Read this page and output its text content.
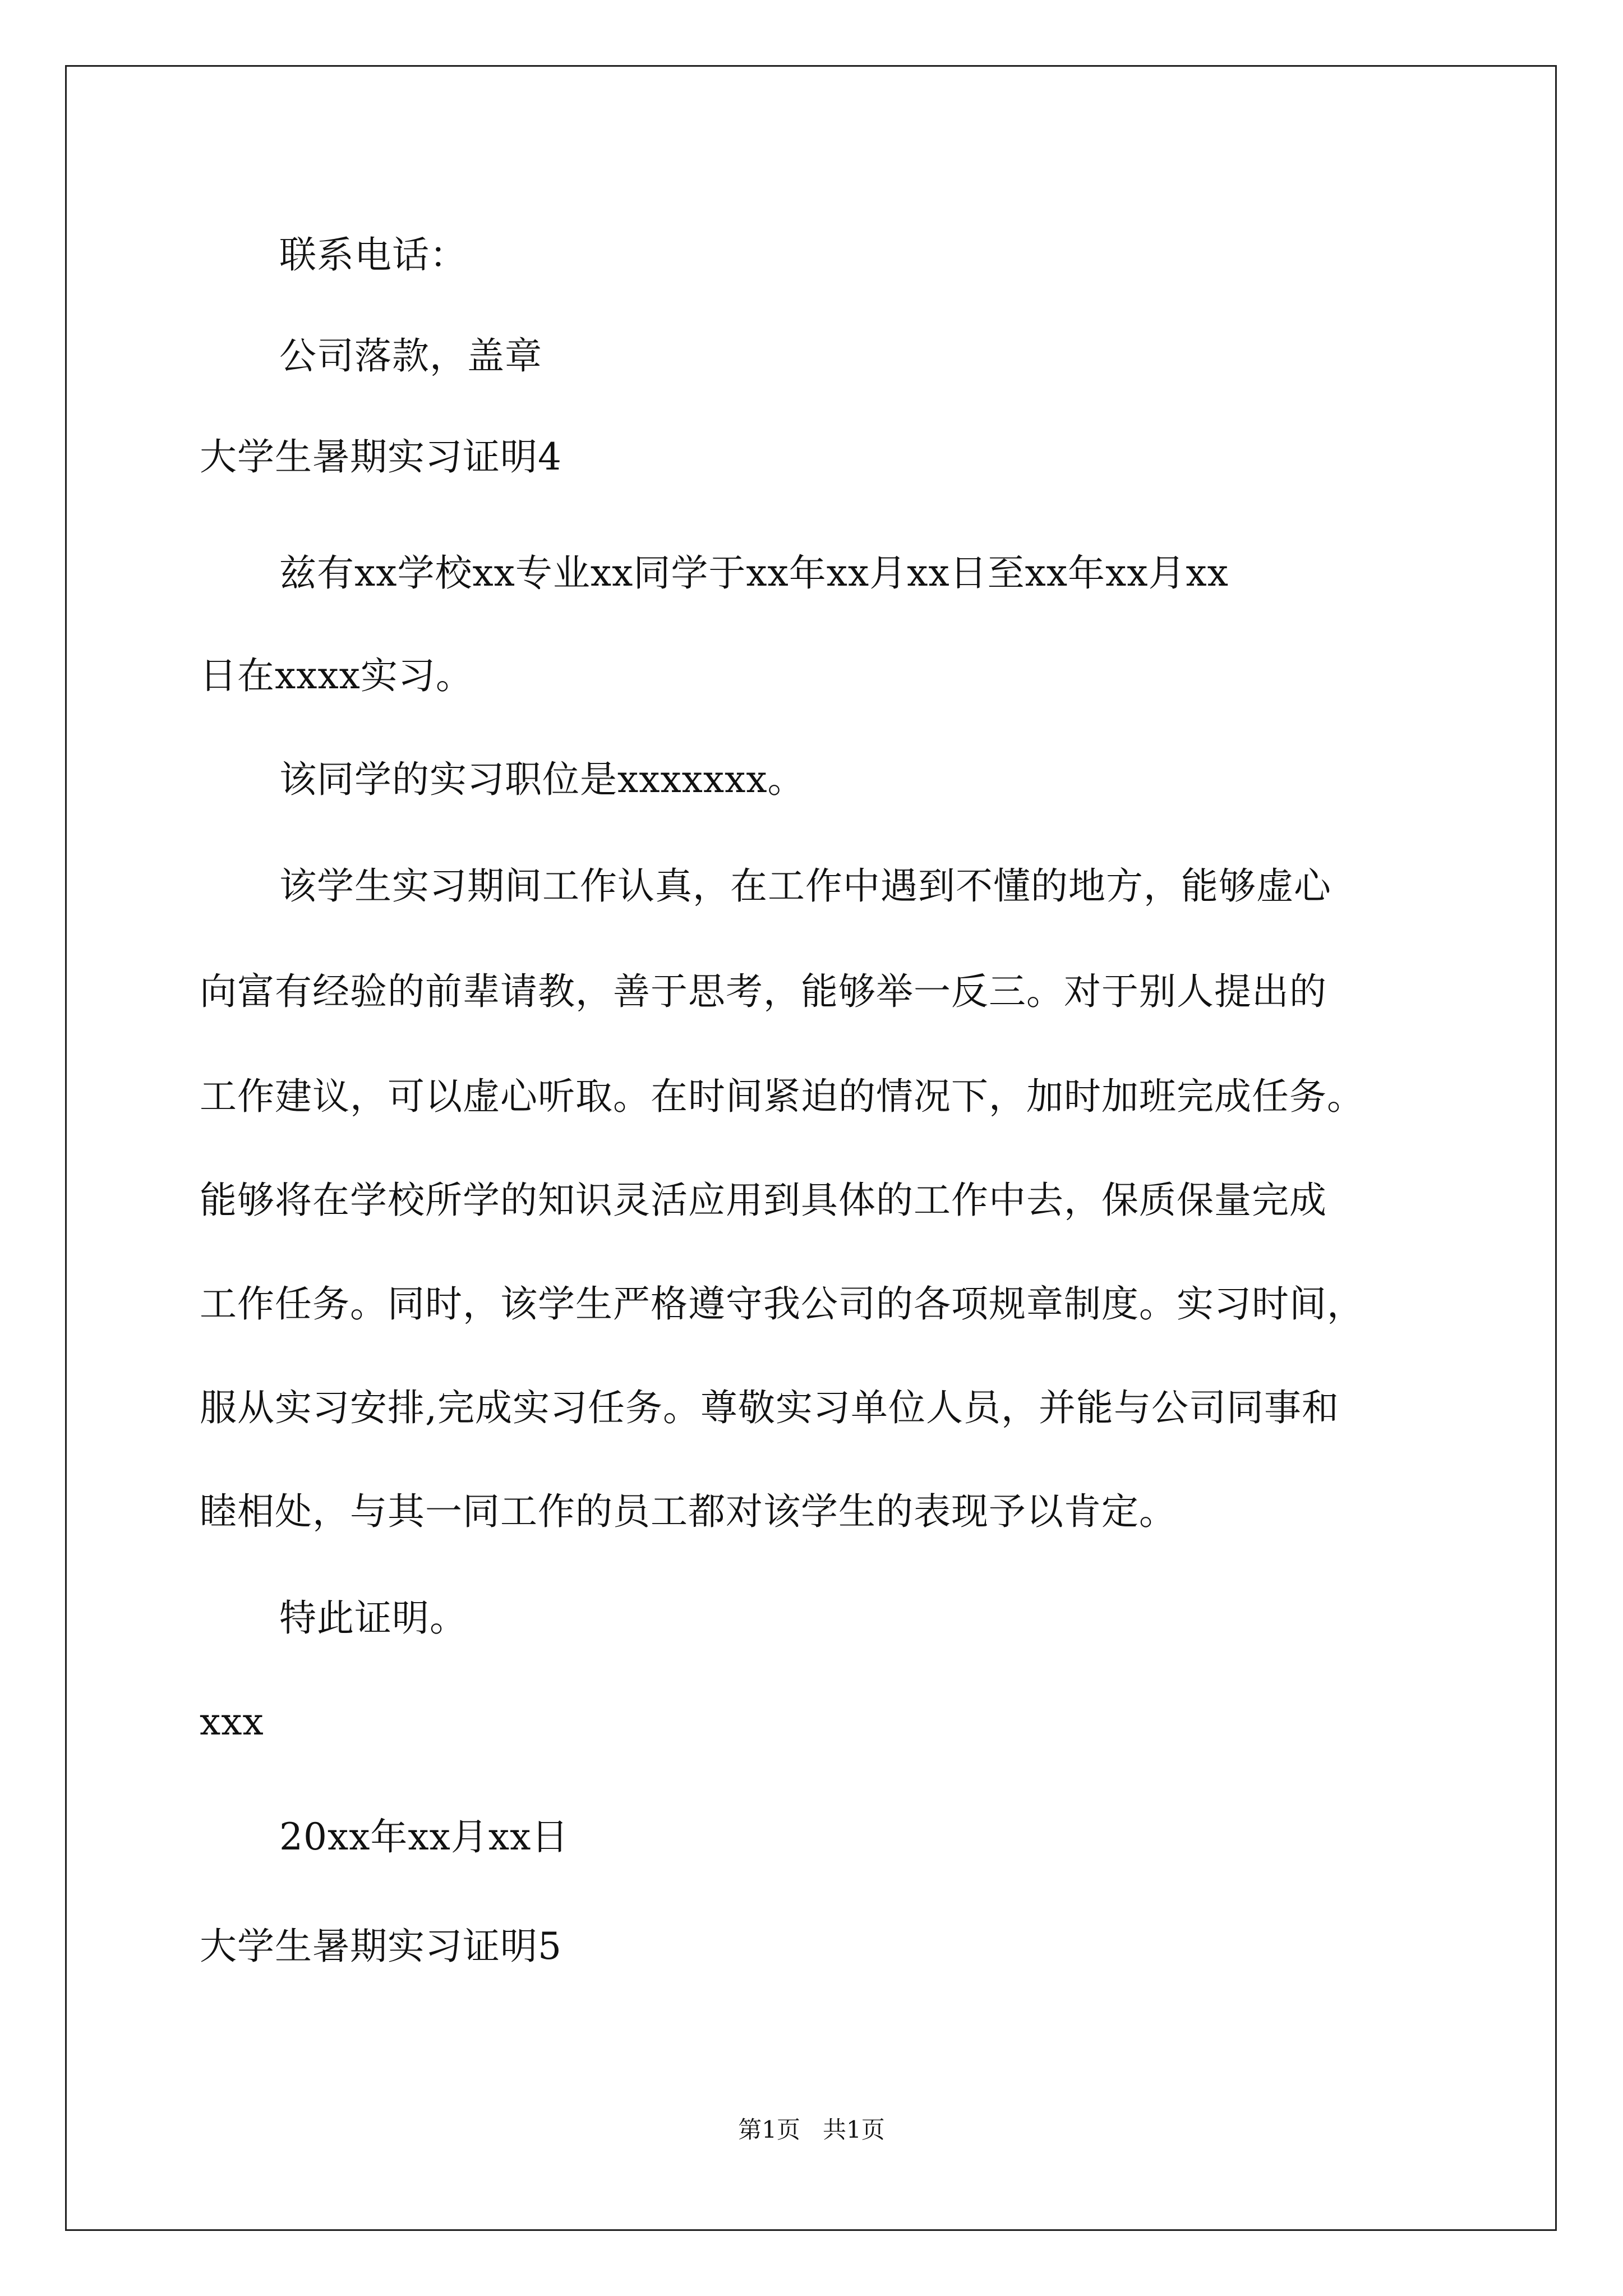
联系电话：

公司落款，盖章

大学生暑期实习证明4

兹有xx学校xx专业xx同学于xx年xx月xx日至xx年xx月xx

日在xxxx实习。

该同学的实习职位是xxxxxxx。

该学生实习期间工作认真，在工作中遇到不懂的地方，能够虚心

向富有经验的前辈请教，善于思考，能够举一反三。对于别人提出的

工作建议，可以虚心听取。在时间紧迫的情况下，加时加班完成任务。

能够将在学校所学的知识灵活应用到具体的工作中去，保质保量完成

工作任务。同时，该学生严格遵守我公司的各项规章制度。实习时间，

服从实习安排,完成实习任务。尊敬实习单位人员，并能与公司同事和

睦相处，与其一同工作的员工都对该学生的表现予以肯定。

特此证明。

xxx

20xx年xx月xx日

大学生暑期实习证明5

第1页   共1页
